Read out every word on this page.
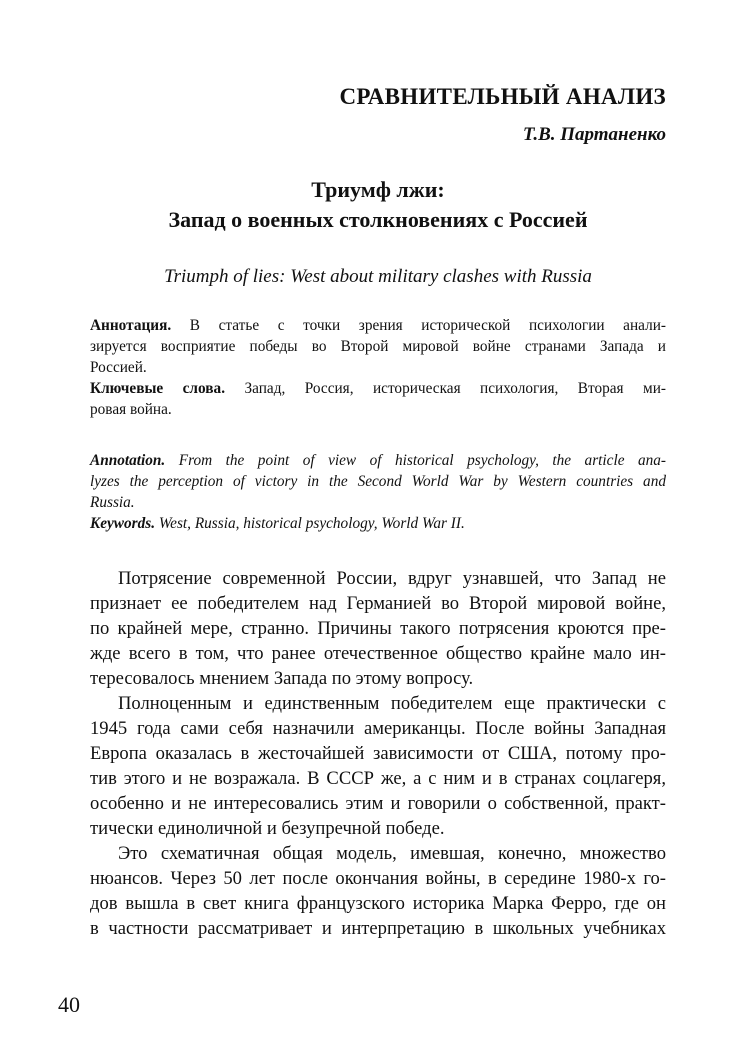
СРАВНИТЕЛЬНЫЙ АНАЛИЗ
Т.В. Партаненко
Триумф лжи:
Запад о военных столкновениях с Россией
Triumph of lies: West about military clashes with Russia
Аннотация. В статье с точки зрения исторической психологии анали-
зируется восприятие победы во Второй мировой войне странами Запада и
Россией.
Ключевые слова. Запад, Россия, историческая психология, Вторая ми-
ровая война.
Annotation. From the point of view of historical psychology, the article ana-
lyzes the perception of victory in the Second World War by Western countries and
Russia.
Keywords. West, Russia, historical psychology, World War II.
Потрясение современной России, вдруг узнавшей, что Запад не
признает ее победителем над Германией во Второй мировой войне,
по крайней мере, странно. Причины такого потрясения кроются пре-
жде всего в том, что ранее отечественное общество крайне мало ин-
тересовалось мнением Запада по этому вопросу.
Полноценным и единственным победителем еще практически с
1945 года сами себя назначили американцы. После войны Западная
Европа оказалась в жесточайшей зависимости от США, потому про-
тив этого и не возражала. В СССР же, а с ним и в странах соцлагеря,
особенно и не интересовались этим и говорили о собственной, практ-
тически единоличной и безупречной победе.
Это схематичная общая модель, имевшая, конечно, множество
нюансов. Через 50 лет после окончания войны, в середине 1980-х го-
дов вышла в свет книга французского историка Марка Ферро, где он
в частности рассматривает и интерпретацию в школьных учебниках
40
